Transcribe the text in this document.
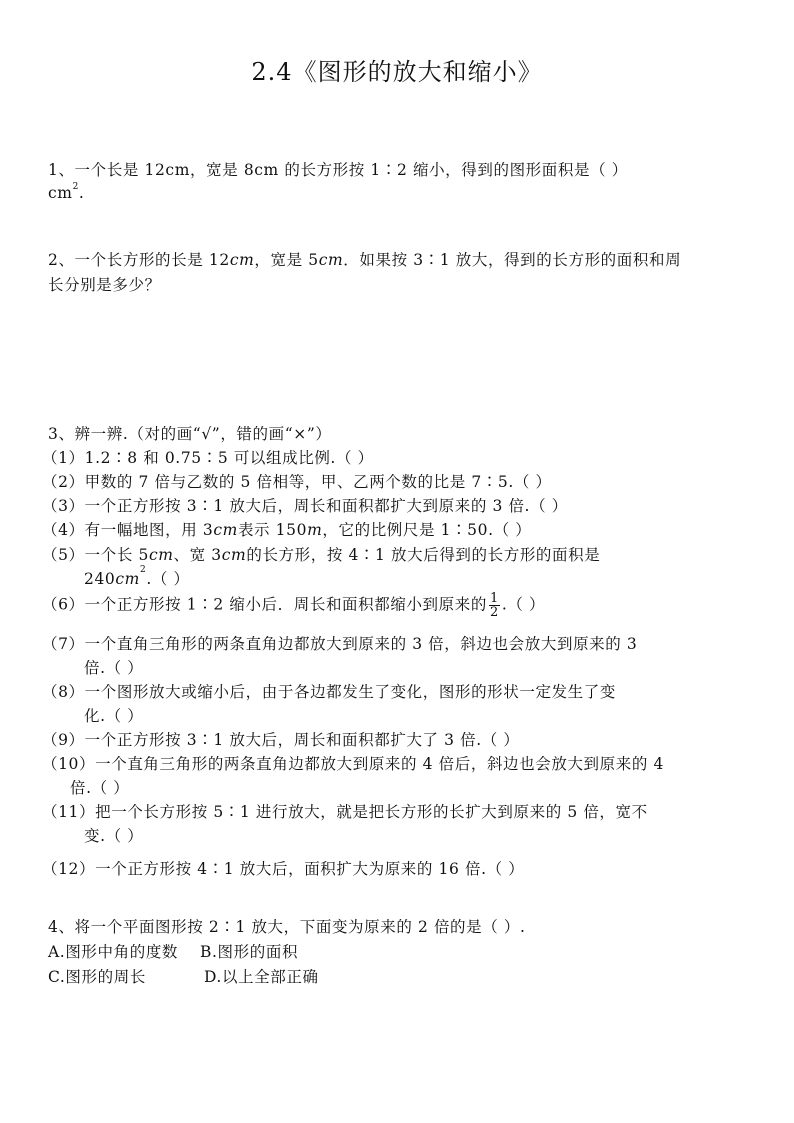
2.4《图形的放大和缩小》
1、一个长是 12cm，宽是 8cm 的长方形按 1∶2 缩小，得到的图形面积是（ ）
$cm^2$.
2、一个长方形的长是 12cm，宽是 5cm．如果按 3∶1 放大，得到的长方形的面积和周
长分别是多少？
3、辨一辨.（对的画“√”，错的画“×”）
（1）1.2∶8 和 0.75∶5 可以组成比例.（ ）
（2）甲数的 7 倍与乙数的 5 倍相等，甲、乙两个数的比是 7∶5.（ ）
（3）一个正方形按 3∶1 放大后，周长和面积都扩大到原来的 3 倍.（ ）
（4）有一幅地图，用 3cm表示 150m，它的比例尺是 1∶50.（ ）
（5）一个长 5cm、宽 3cm的长方形，按 4∶1 放大后得到的长方形的面积是
$240cm^2$.（ ）
（6）一个正方形按 1∶2 缩小后．周长和面积都缩小到原来的 $\frac{1}{2}$ .（ ）
（7）一个直角三角形的两条直角边都放大到原来的 3 倍，斜边也会放大到原来的 3
倍.（ ）
（8）一个图形放大或缩小后，由于各边都发生了变化，图形的形状一定发生了变
化.（ ）
（9）一个正方形按 3∶1 放大后，周长和面积都扩大了 3 倍.（ ）
（10）一个直角三角形的两条直角边都放大到原来的 4 倍后，斜边也会放大到原来的 4
倍.（ ）
（11）把一个长方形按 5∶1 进行放大，就是把长方形的长扩大到原来的 5 倍，宽不
变.（ ）
（12）一个正方形按 4∶1 放大后，面积扩大为原来的 16 倍.（ ）
4、将一个平面图形按 2∶1 放大，下面变为原来的 2 倍的是（ ）.
A.图形中角的度数 B.图形的面积
C.图形的周长	D.以上全部正确
